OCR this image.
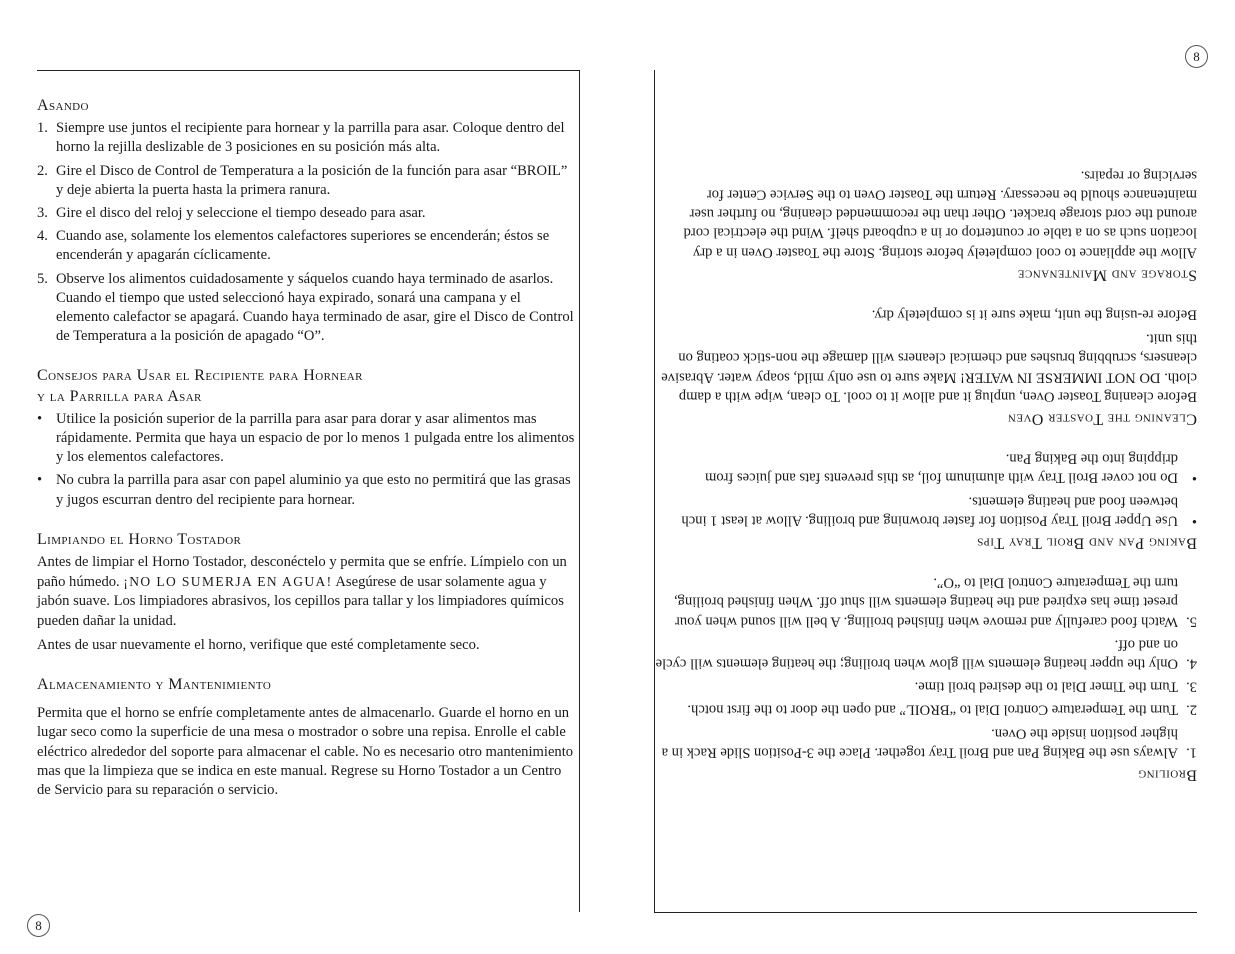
8
8
Asando
1. Siempre use juntos el recipiente para hornear y la parrilla para asar. Coloque dentro del horno la rejilla deslizable de 3 posiciones en su posición más alta.
2. Gire el Disco de Control de Temperatura a la posición de la función para asar “BROIL” y deje abierta la puerta hasta la primera ranura.
3. Gire el disco del reloj y seleccione el tiempo deseado para asar.
4. Cuando ase, solamente los elementos calefactores superiores se encenderán; éstos se encenderán y apagarán cíclicamente.
5. Observe los alimentos cuidadosamente y sáquelos cuando haya terminado de asarlos. Cuando el tiempo que usted seleccionó haya expirado, sonará una campana y el elemento calefactor se apagará. Cuando haya terminado de asar, gire el Disco de Control de Temperatura a la posición de apagado “O”.
Consejos para Usar el Recipiente para Hornear
y la Parrilla para Asar
• Utilice la posición superior de la parrilla para asar para dorar y asar alimentos mas rápidamente. Permita que haya un espacio de por lo menos 1 pulgada entre los alimentos y los elementos calefactores.
• No cubra la parrilla para asar con papel aluminio ya que esto no permitirá que las grasas y jugos escurran dentro del recipiente para hornear.
Limpiando el Horno Tostador

Antes de limpiar el Horno Tostador, desconéctelo y permita que se enfríe. Límpielo con un paño húmedo. ¡NO LO SUMERJA EN AGUA! Asegúrese de usar solamente agua y jabón suave. Los limpiadores abrasivos, los cepillos para tallar y los limpiadores químicos pueden dañar la unidad.

Antes de usar nuevamente el horno, verifique que esté completamente seco.

Almacenamiento y Mantenimiento

Permita que el horno se enfríe completamente antes de almacenarlo. Guarde el horno en un lugar seco como la superficie de una mesa o mostrador o sobre una repisa. Enrolle el cable eléctrico alrededor del soporte para almacenar el cable. No es necesario otro mantenimiento mas que la limpieza que se indica en este manual. Regrese su Horno Tostador a un Centro de Servicio para su reparación o servicio.

Broiling
1.
Always use the Baking Pan and Broil Tray together. Place the 3-Position Slide Rack in a higher position inside the Oven.
2.
Turn the Temperature Control Dial to “BROIL” and open the door to the first notch.
3.
Turn the Timer Dial to the desired broil time.
4.
Only the upper heating elements will glow when broiling; the heating elements will cycle on and off.
5.
Watch food carefully and remove when finished broiling. A bell will sound when your preset time has expired and the heating elements will shut off. When finished broiling, turn the Temperature Control Dial to “O”.
Baking Pan and Broil Tray Tips
•
Use Upper Broil Tray Position for faster browning and broiling. Allow at least 1 inch between food and heating elements.
•
Do not cover Broil Tray with aluminum foil, as this prevents fats and juices from dripping into the Baking Pan.
Cleaning the Toaster Oven

Before cleaning Toaster Oven, unplug it and allow it to cool. To clean, wipe with a damp cloth. DO NOT IMMERSE IN WATER! Make sure to use only mild, soapy water. Abrasive cleansers, scrubbing brushes and chemical cleaners will damage the non-stick coating on this unit.

Before re-using the unit, make sure it is completely dry.

Storage and Maintenance

Allow the appliance to cool completely before storing. Store the Toaster Oven in a dry location such as on a table or countertop or in a cupboard shelf. Wind the electrical cord around the cord storage bracket. Other than the recommended cleaning, no further user maintenance should be necessary. Return the Toaster Oven to the Service Center for servicing or repairs.
